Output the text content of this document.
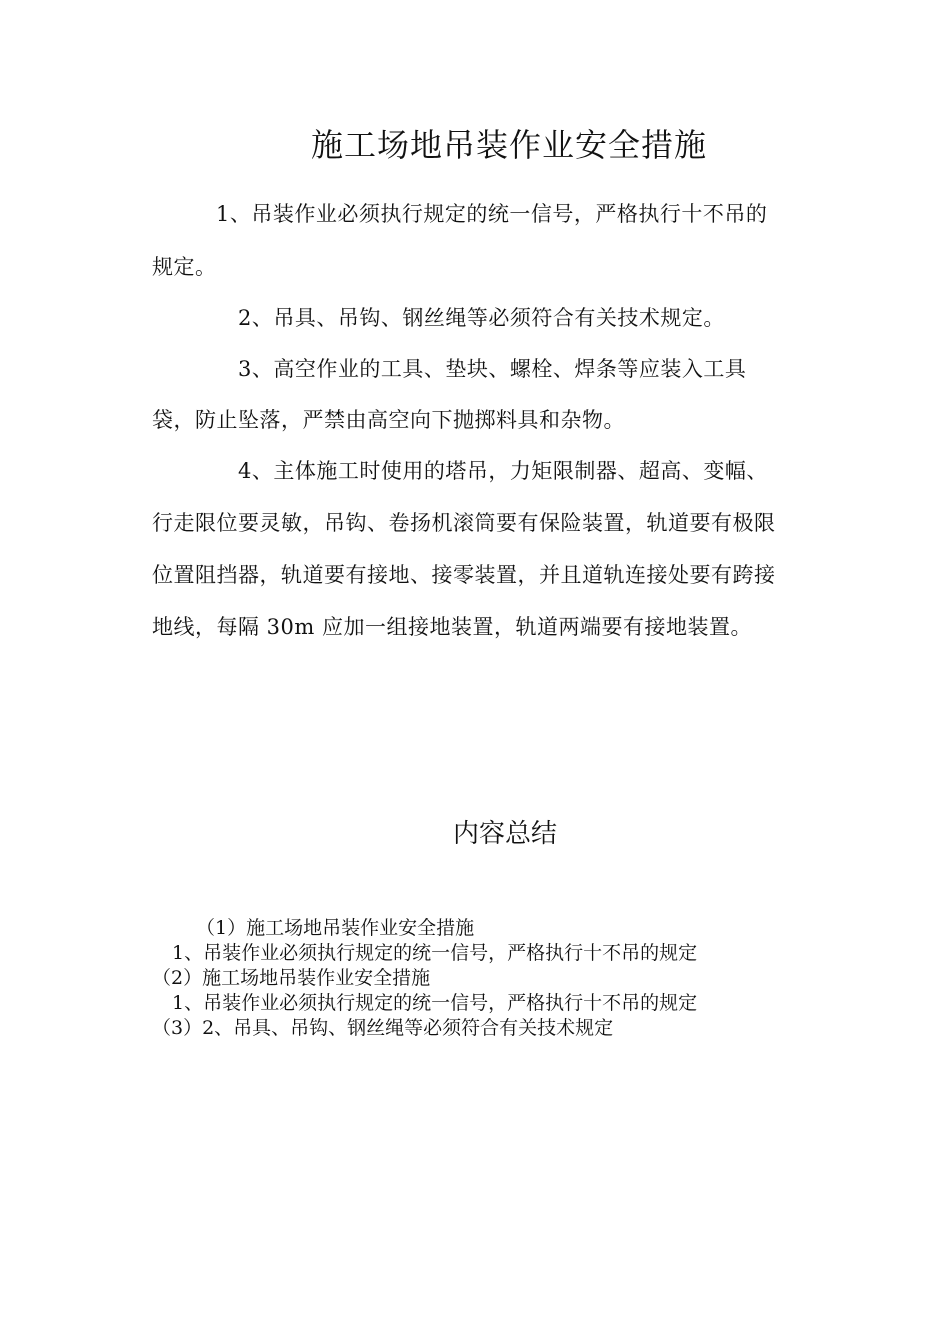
施工场地吊装作业安全措施
1、吊装作业必须执行规定的统一信号，严格执行十不吊的
规定。
2、吊具、吊钩、钢丝绳等必须符合有关技术规定。
3、高空作业的工具、垫块、螺栓、焊条等应装入工具
袋，防止坠落，严禁由高空向下抛掷料具和杂物。
4、主体施工时使用的塔吊，力矩限制器、超高、变幅、
行走限位要灵敏，吊钩、卷扬机滚筒要有保险装置，轨道要有极限
位置阻挡器，轨道要有接地、接零装置，并且道轨连接处要有跨接
地线，每隔 30m 应加一组接地装置，轨道两端要有接地装置。
内容总结
（1）施工场地吊装作业安全措施
1、吊装作业必须执行规定的统一信号，严格执行十不吊的规定
（2）施工场地吊装作业安全措施
1、吊装作业必须执行规定的统一信号，严格执行十不吊的规定
（3）2、吊具、吊钩、钢丝绳等必须符合有关技术规定
